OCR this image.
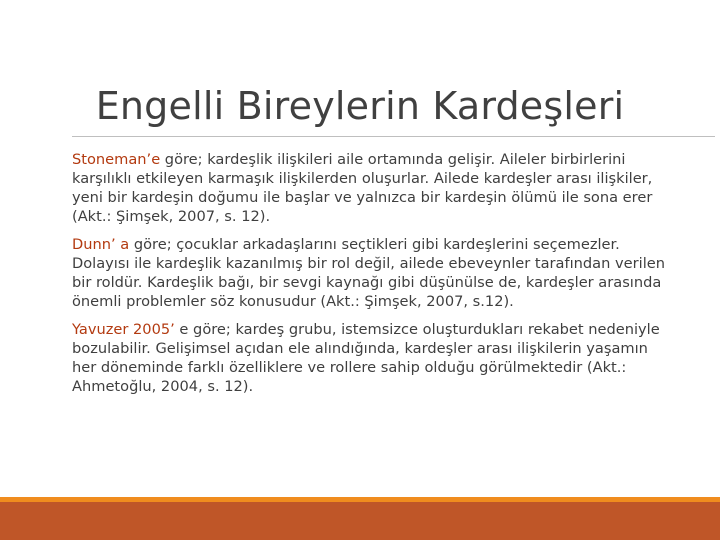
Engelli Bireylerin Kardeşleri

Stoneman’e göre; kardeşlik ilişkileri aile ortamında gelişir. Aileler birbirlerini karşılıklı etkileyen karmaşık ilişkilerden oluşurlar. Ailede kardeşler arası ilişkiler, yeni bir kardeşin doğumu ile başlar ve yalnızca bir kardeşin ölümü ile sona erer (Akt.: Şimşek, 2007, s. 12).

Dunn’ a göre; çocuklar arkadaşlarını seçtikleri gibi kardeşlerini seçemezler. Dolayısı ile kardeşlik kazanılmış bir rol değil, ailede ebeveynler tarafından verilen bir roldür. Kardeşlik bağı, bir sevgi kaynağı gibi düşünülse de, kardeşler arasında önemli problemler söz konusudur (Akt.: Şimşek, 2007, s.12).

Yavuzer 2005’ e göre; kardeş grubu, istemsizce oluşturdukları rekabet nedeniyle bozulabilir. Gelişimsel açıdan ele alındığında, kardeşler arası ilişkilerin yaşamın her döneminde farklı özelliklere ve rollere sahip olduğu görülmektedir (Akt.: Ahmetoğlu, 2004, s. 12).
